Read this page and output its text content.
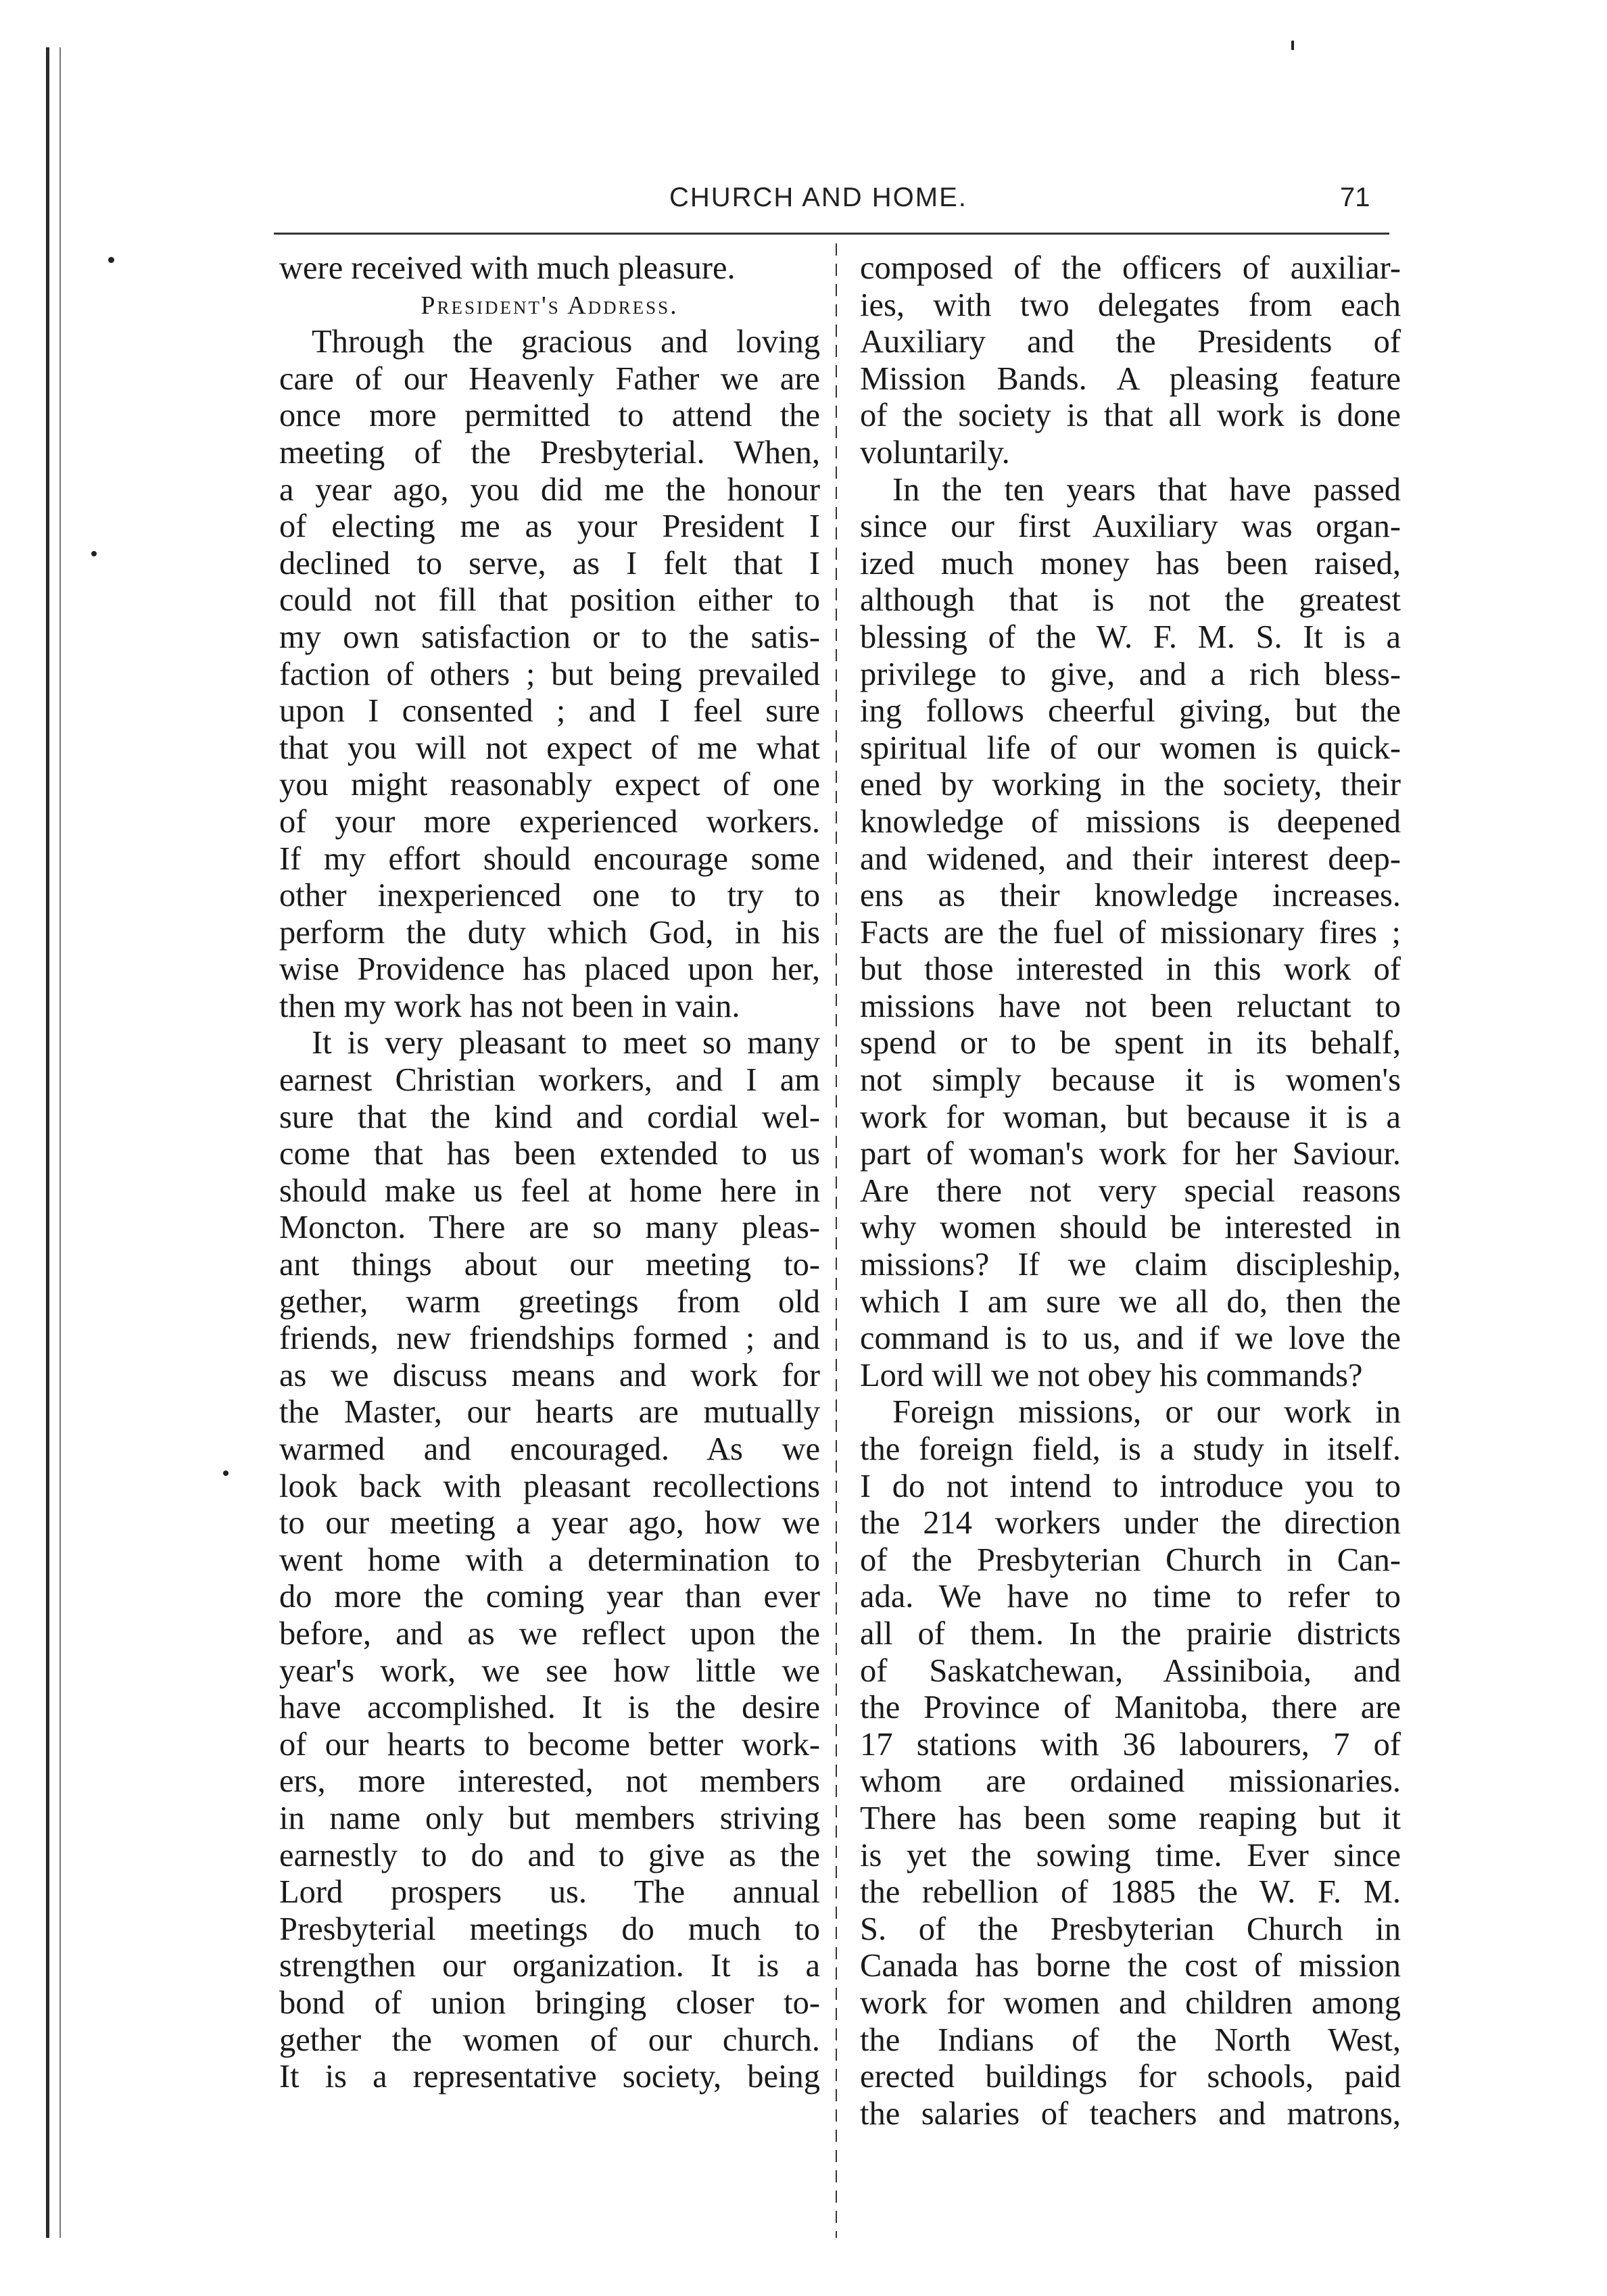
CHURCH AND HOME.	71
were received with much pleasure.
President's Address.
Through the gracious and loving
care of our Heavenly Father we are
once more permitted to attend the
meeting of the Presbyterial. When,
a year ago, you did me the honour
of electing me as your President I
declined to serve, as I felt that I
could not fill that position either to
my own satisfaction or to the satis-
faction of others ; but being prevailed
upon I consented ; and I feel sure
that you will not expect of me what
you might reasonably expect of one
of your more experienced workers.
If my effort should encourage some
other inexperienced one to try to
perform the duty which God, in his
wise Providence has placed upon her,
then my work has not been in vain.
It is very pleasant to meet so many
earnest Christian workers, and I am
sure that the kind and cordial wel-
come that has been extended to us
should make us feel at home here in
Moncton. There are so many pleas-
ant things about our meeting to-
gether, warm greetings from old
friends, new friendships formed ; and
as we discuss means and work for
the Master, our hearts are mutually
warmed and encouraged. As we
look back with pleasant recollections
to our meeting a year ago, how we
went home with a determination to
do more the coming year than ever
before, and as we reflect upon the
year's work, we see how little we
have accomplished. It is the desire
of our hearts to become better work-
ers, more interested, not members
in name only but members striving
earnestly to do and to give as the
Lord prospers us. The annual
Presbyterial meetings do much to
strengthen our organization. It is a
bond of union bringing closer to-
gether the women of our church.
It is a representative society, being
composed of the officers of auxiliar-
ies, with two delegates from each
Auxiliary and the Presidents of
Mission Bands. A pleasing feature
of the society is that all work is done
voluntarily.
In the ten years that have passed
since our first Auxiliary was organ-
ized much money has been raised,
although that is not the greatest
blessing of the W. F. M. S. It is a
privilege to give, and a rich bless-
ing follows cheerful giving, but the
spiritual life of our women is quick-
ened by working in the society, their
knowledge of missions is deepened
and widened, and their interest deep-
ens as their knowledge increases.
Facts are the fuel of missionary fires ;
but those interested in this work of
missions have not been reluctant to
spend or to be spent in its behalf,
not simply because it is women's
work for woman, but because it is a
part of woman's work for her Saviour.
Are there not very special reasons
why women should be interested in
missions? If we claim discipleship,
which I am sure we all do, then the
command is to us, and if we love the
Lord will we not obey his commands?
Foreign missions, or our work in
the foreign field, is a study in itself.
I do not intend to introduce you to
the 214 workers under the direction
of the Presbyterian Church in Can-
ada. We have no time to refer to
all of them. In the prairie districts
of Saskatchewan, Assiniboia, and
the Province of Manitoba, there are
17 stations with 36 labourers, 7 of
whom are ordained missionaries.
There has been some reaping but it
is yet the sowing time. Ever since
the rebellion of 1885 the W. F. M.
S. of the Presbyterian Church in
Canada has borne the cost of mission
work for women and children among
the Indians of the North West,
erected buildings for schools, paid
the salaries of teachers and matrons,
